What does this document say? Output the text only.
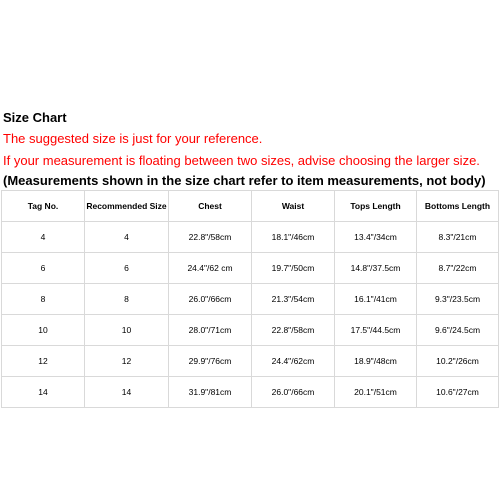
Size Chart

The suggested size is just for your reference.

If your measurement is floating between two sizes, advise choosing the larger size.

(Measurements shown in the size chart refer to item measurements, not body)

Tag No.	Recommended Size	Chest	Waist	Tops Length	Bottoms Length
4	4	22.8"/58cm	18.1"/46cm	13.4"/34cm	8.3"/21cm
6	6	24.4"/62 cm	19.7"/50cm	14.8"/37.5cm	8.7"/22cm
8	8	26.0"/66cm	21.3"/54cm	16.1"/41cm	9.3"/23.5cm
10	10	28.0"/71cm	22.8"/58cm	17.5"/44.5cm	9.6"/24.5cm
12	12	29.9"/76cm	24.4"/62cm	18.9"/48cm	10.2"/26cm
14	14	31.9"/81cm	26.0"/66cm	20.1"/51cm	10.6"/27cm
